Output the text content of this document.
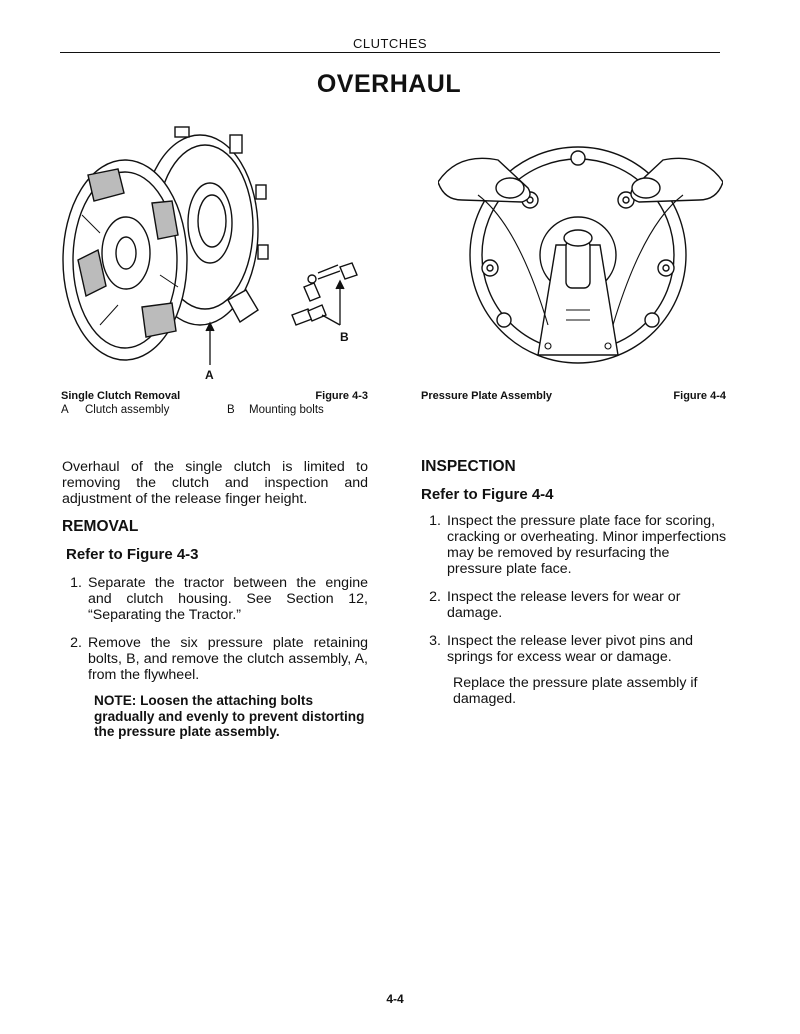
CLUTCHES
OVERHAUL
A
B
Single Clutch Removal	Figure 4-3
A Clutch assembly	B Mounting bolts
Pressure Plate Assembly	Figure 4-4

Overhaul of the single clutch is limited to removing the clutch and inspection and adjustment of the release finger height.

REMOVAL

Refer to Figure 4-3

1. Separate the tractor between the engine and clutch housing. See Section 12, “Separating the Tractor.”
2. Remove the six pressure plate retaining bolts, B, and remove the clutch assembly, A, from the flywheel.

NOTE: Loosen the attaching bolts gradually and evenly to prevent distorting the pressure plate assembly.

INSPECTION

Refer to Figure 4-4

1. Inspect the pressure plate face for scoring, cracking or overheating. Minor imperfections may be removed by resurfacing the pressure plate face.
2. Inspect the release levers for wear or damage.
3. Inspect the release lever pivot pins and springs for excess wear or damage.

Replace the pressure plate assembly if damaged.

4-4
